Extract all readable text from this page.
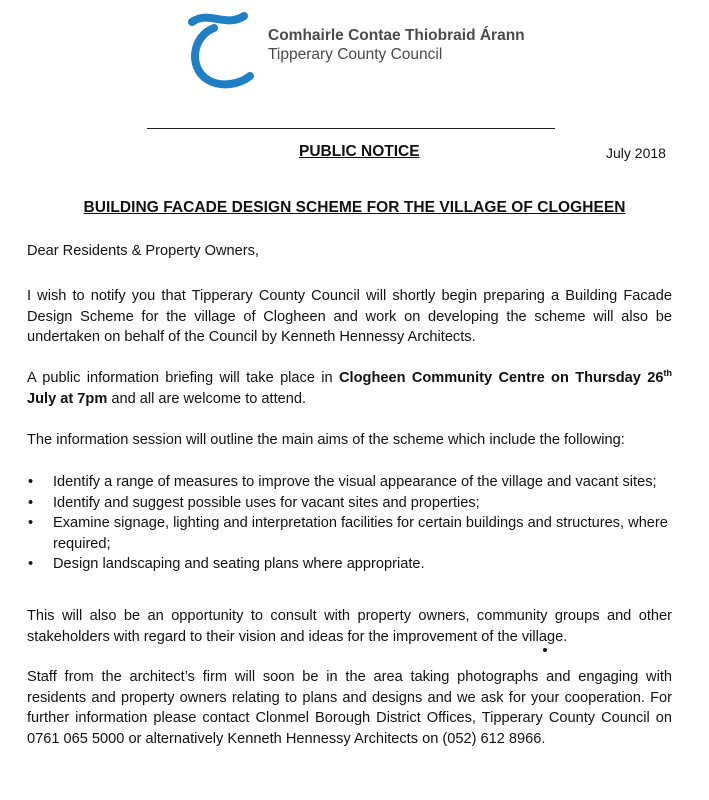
Comhairle Contae Thiobraid Árann
Tipperary County Council
PUBLIC NOTICE	July 2018
BUILDING FACADE DESIGN SCHEME FOR THE VILLAGE OF CLOGHEEN
Dear Residents & Property Owners,
I wish to notify you that Tipperary County Council will shortly begin preparing a Building Facade Design Scheme for the village of Clogheen and work on developing the scheme will also be undertaken on behalf of the Council by Kenneth Hennessy Architects.
A public information briefing will take place in Clogheen Community Centre on Thursday 26th July at 7pm and all are welcome to attend.
The information session will outline the main aims of the scheme which include the following:
• Identify a range of measures to improve the visual appearance of the village and vacant sites;
• Identify and suggest possible uses for vacant sites and properties;
• Examine signage, lighting and interpretation facilities for certain buildings and structures, where required;
• Design landscaping and seating plans where appropriate.
This will also be an opportunity to consult with property owners, community groups and other stakeholders with regard to their vision and ideas for the improvement of the village.
Staff from the architect’s firm will soon be in the area taking photographs and engaging with residents and property owners relating to plans and designs and we ask for your cooperation. For further information please contact Clonmel Borough District Offices, Tipperary County Council on 0761 065 5000 or alternatively Kenneth Hennessy Architects on (052) 612 8966.
